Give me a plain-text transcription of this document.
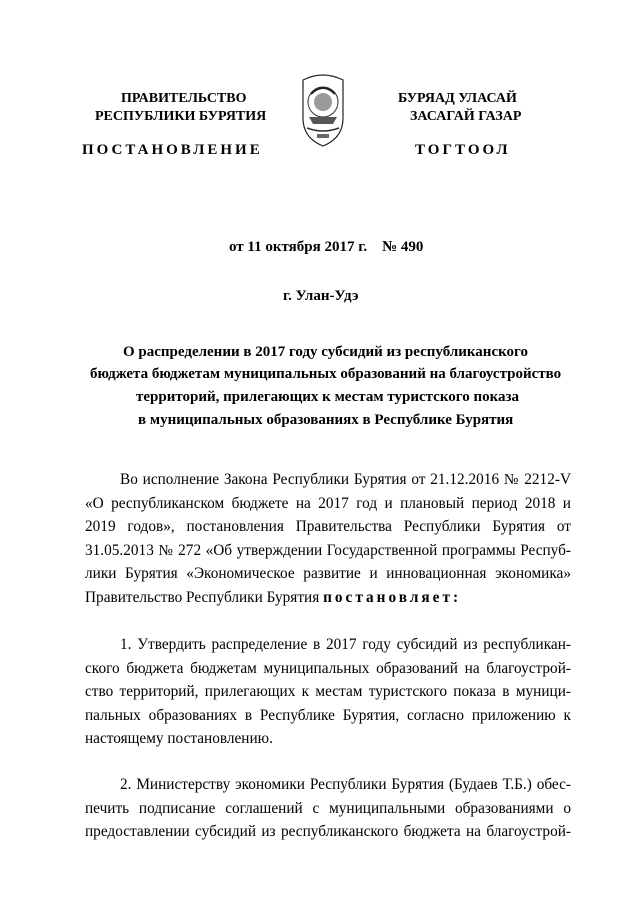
ПРАВИТЕЛЬСТВО
РЕСПУБЛИКИ БУРЯТИЯ
БУРЯАД УЛАСАЙ
ЗАСАГАЙ ГАЗАР
ПОСТАНОВЛЕНИЕ	ТОГТООЛ
от 11 октября 2017 г.    № 490
г. Улан-Удэ
О распределении в 2017 году субсидий из республиканского
бюджета бюджетам муниципальных образований на благоустройство
территорий, прилегающих к местам туристского показа
в муниципальных образованиях в Республике Бурятия
Во исполнение Закона Республики Бурятия от 21.12.2016 № 2212-V
«О республиканском бюджете на 2017 год и плановый период 2018 и
2019 годов», постановления Правительства Республики Бурятия от
31.05.2013 № 272 «Об утверждении Государственной программы Респуб-
лики Бурятия «Экономическое развитие и инновационная экономика»
Правительство Республики Бурятия постановляет:
1. Утвердить распределение в 2017 году субсидий из республикан-
ского бюджета бюджетам муниципальных образований на благоустрой-
ство территорий, прилегающих к местам туристского показа в муници-
пальных образованиях в Республике Бурятия, согласно приложению к
настоящему постановлению.
2. Министерству экономики Республики Бурятия (Будаев Т.Б.) обес-
печить подписание соглашений с муниципальными образованиями о
предоставлении субсидий из республиканского бюджета на благоустрой-
